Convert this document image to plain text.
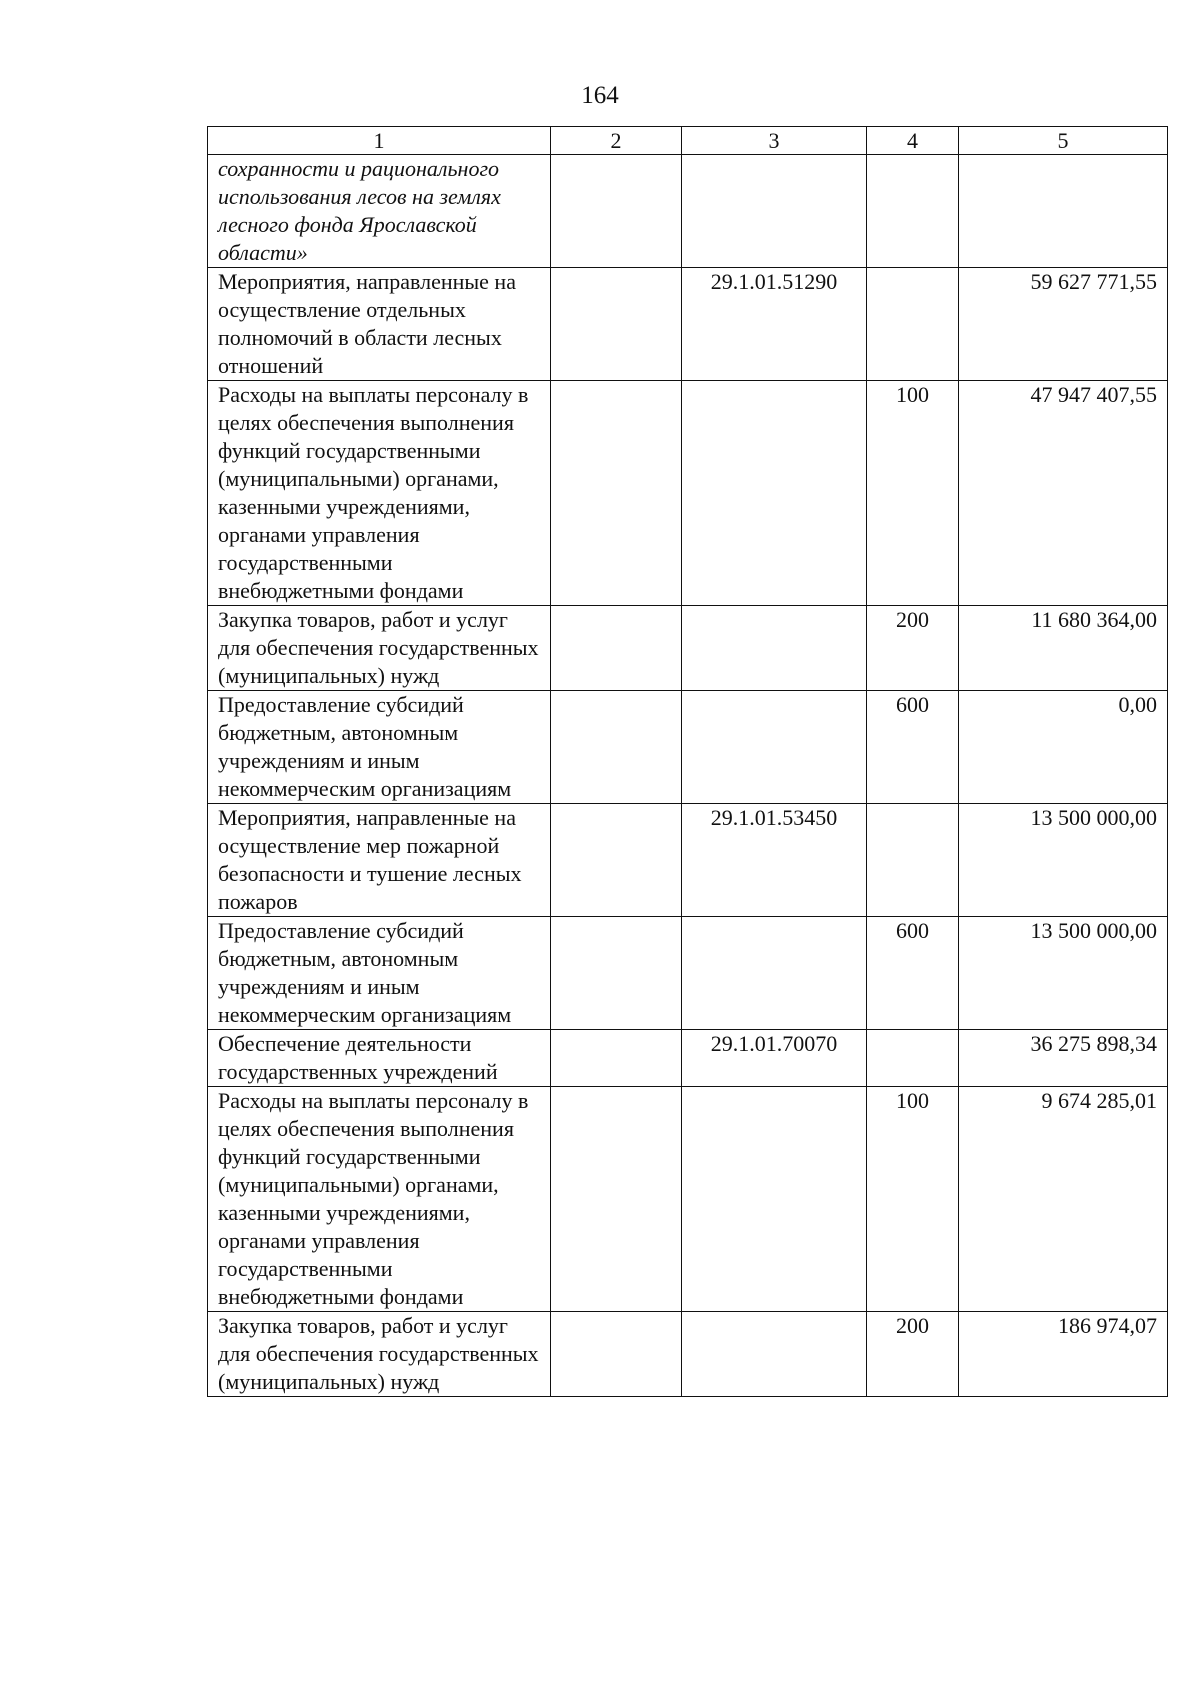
164
1	2	3	4	5
сохранности и рационального использования лесов на землях лесного фонда Ярославской области»				
Мероприятия, направленные на осуществление отдельных полномочий в области лесных отношений		29.1.01.51290		59 627 771,55
Расходы на выплаты персоналу в целях обеспечения выполнения функций государственными (муниципальными) органами, казенными учреждениями, органами управления государственными внебюджетными фондами			100	47 947 407,55
Закупка товаров, работ и услуг для обеспечения государственных (муниципальных) нужд			200	11 680 364,00
Предоставление субсидий бюджетным, автономным учреждениям и иным некоммерческим организациям			600	0,00
Мероприятия, направленные на осуществление мер пожарной безопасности и тушение лесных пожаров		29.1.01.53450		13 500 000,00
Предоставление субсидий бюджетным, автономным учреждениям и иным некоммерческим организациям			600	13 500 000,00
Обеспечение деятельности государственных учреждений		29.1.01.70070		36 275 898,34
Расходы на выплаты персоналу в целях обеспечения выполнения функций государственными (муниципальными) органами, казенными учреждениями, органами управления государственными внебюджетными фондами			100	9 674 285,01
Закупка товаров, работ и услуг для обеспечения государственных (муниципальных) нужд			200	186 974,07
